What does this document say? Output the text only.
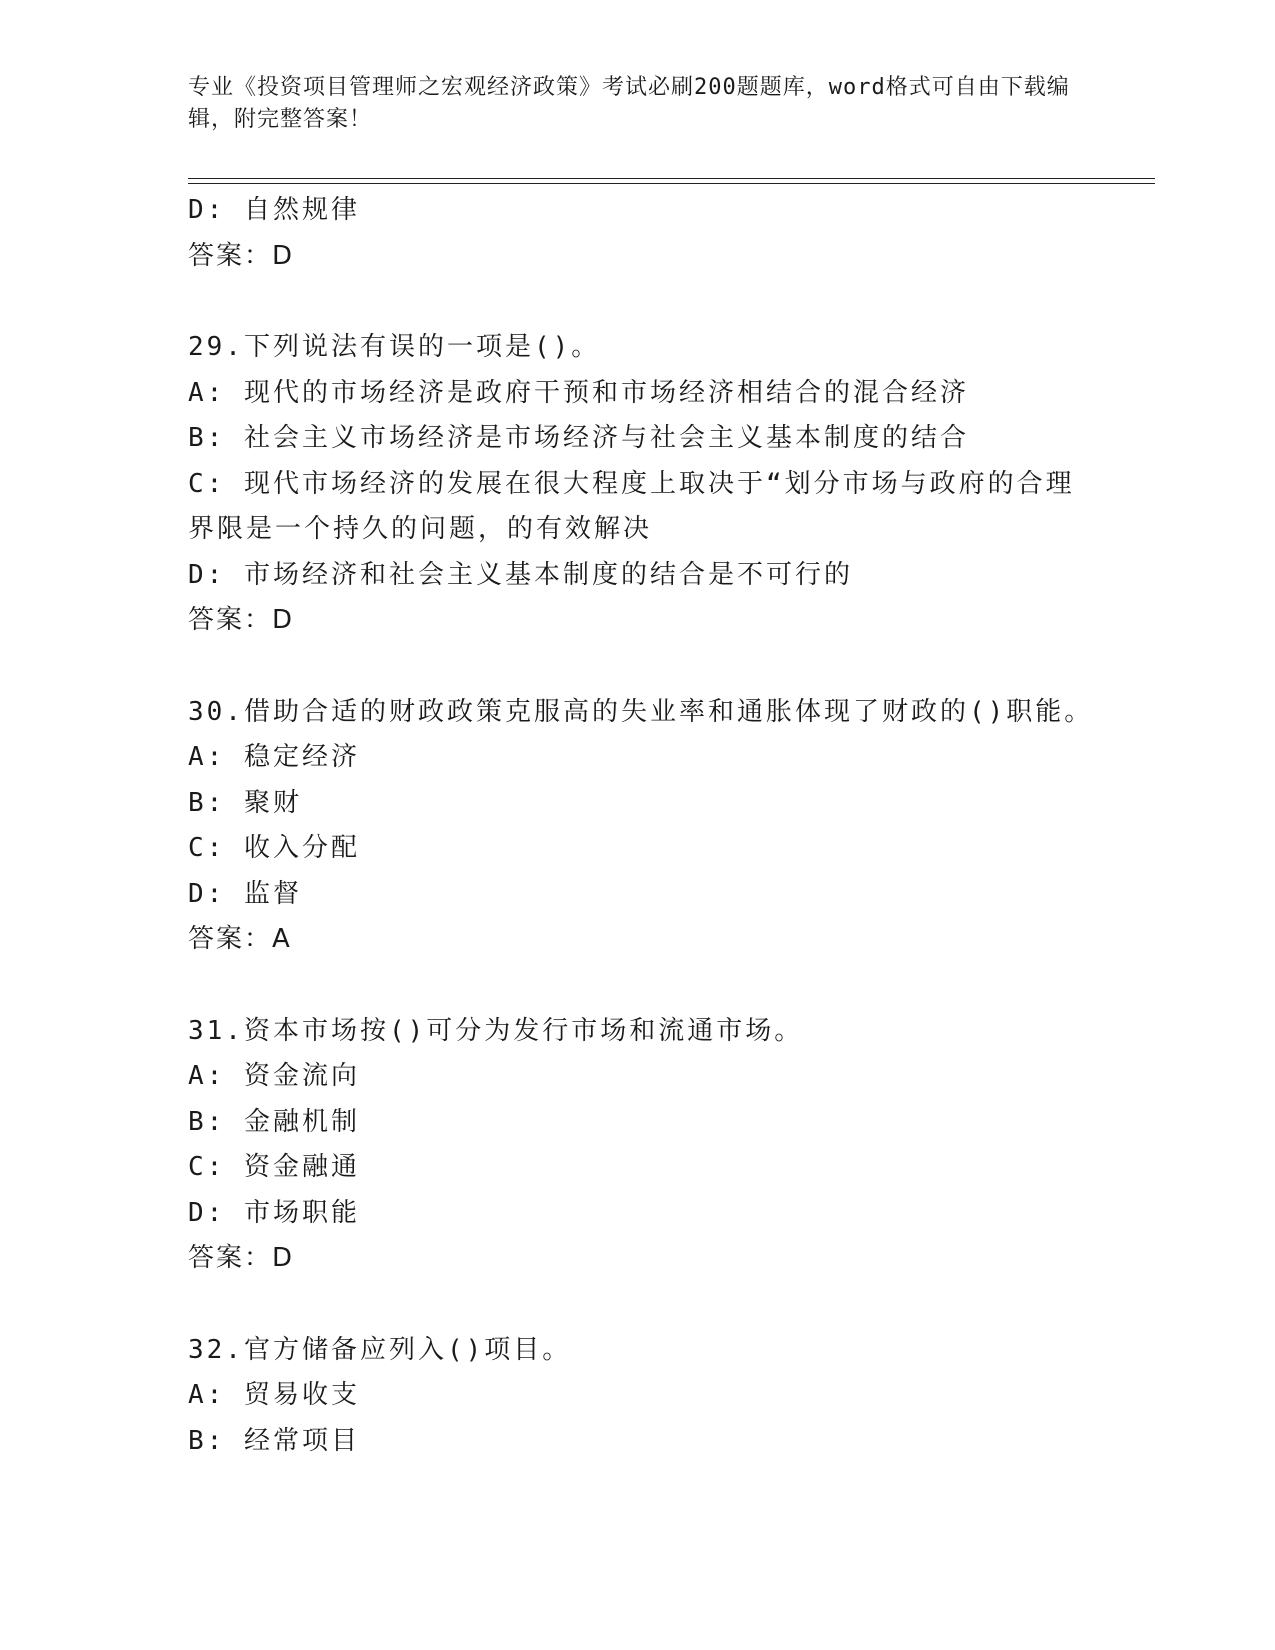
专业《投资项目管理师之宏观经济政策》考试必刷200题题库，word格式可自由下载编辑，附完整答案！
D: 自然规律
答案：D
29.下列说法有误的一项是()。
A: 现代的市场经济是政府干预和市场经济相结合的混合经济
B: 社会主义市场经济是市场经济与社会主义基本制度的结合
C: 现代市场经济的发展在很大程度上取决于“划分市场与政府的合理界限是一个持久的问题，的有效解决
D: 市场经济和社会主义基本制度的结合是不可行的
答案：D
30.借助合适的财政政策克服高的失业率和通胀体现了财政的()职能。
A: 稳定经济
B: 聚财
C: 收入分配
D: 监督
答案：A
31.资本市场按()可分为发行市场和流通市场。
A: 资金流向
B: 金融机制
C: 资金融通
D: 市场职能
答案：D
32.官方储备应列入()项目。
A: 贸易收支
B: 经常项目
